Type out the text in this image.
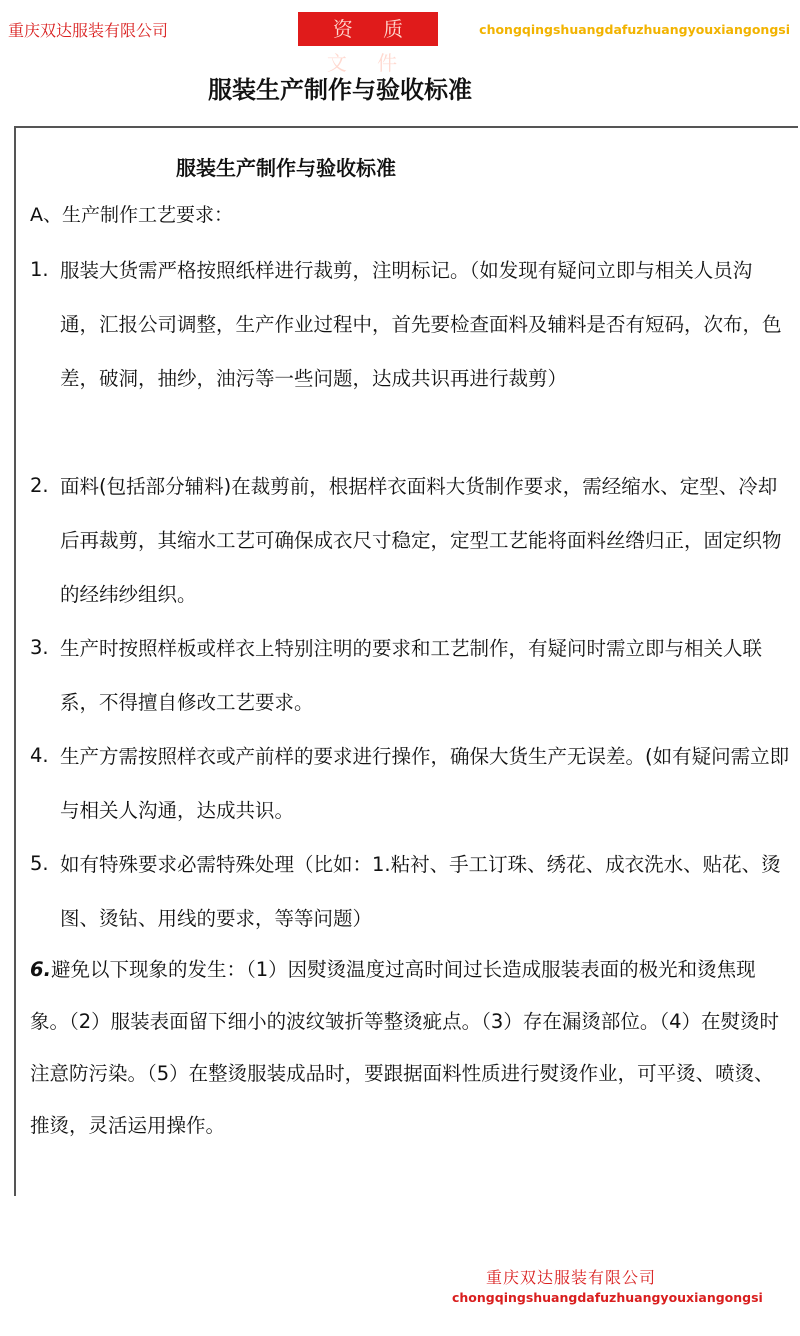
重庆双达服装有限公司	资 质 文 件
chongqingshuangdafuzhuangyouxiangongsi
服装生产制作与验收标准
服装生产制作与验收标准
A、生产制作工艺要求：
1. 服装大货需严格按照纸样进行裁剪，注明标记。（如发现有疑问立即与相关人员沟通，汇报公司调整，生产作业过程中，首先要检查面料及辅料是否有短码，次布，色差，破洞，抽纱，油污等一些问题，达成共识再进行裁剪）
2. 面料(包括部分辅料)在裁剪前，根据样衣面料大货制作要求，需经缩水、定型、冷却后再裁剪，其缩水工艺可确保成衣尺寸稳定，定型工艺能将面料丝绺归正，固定织物的经纬纱组织。
3. 生产时按照样板或样衣上特别注明的要求和工艺制作，有疑问时需立即与相关人联系，不得擅自修改工艺要求。
4. 生产方需按照样衣或产前样的要求进行操作，确保大货生产无误差。(如有疑问需立即与相关人沟通，达成共识。
5. 如有特殊要求必需特殊处理（比如：1.粘衬、手工订珠、绣花、成衣洗水、贴花、烫图、烫钻、用线的要求，等等问题）
6.避免以下现象的发生：（1）因熨烫温度过高时间过长造成服装表面的极光和烫焦现象。（2）服装表面留下细小的波纹皱折等整烫疵点。（3）存在漏烫部位。（4）在熨烫时注意防污染。（5）在整烫服装成品时，要跟据面料性质进行熨烫作业，可平烫、喷烫、推烫，灵活运用操作。
重庆双达服装有限公司
chongqingshuangdafuzhuangyouxiangongsi
